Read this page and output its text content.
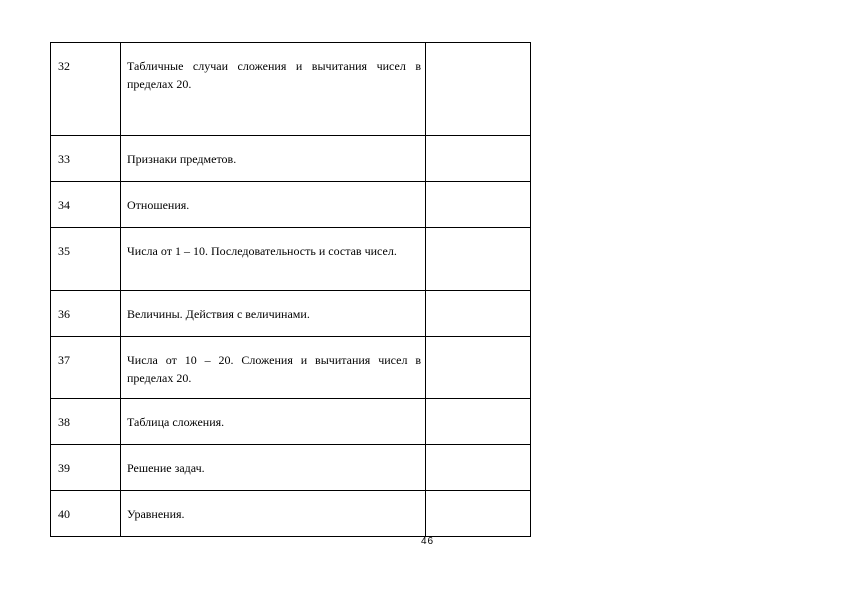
32	Табличные случаи сложения и вычитания чисел в пределах 20.	
33	Признаки предметов.	
34	Отношения.	
35	Числа от 1 – 10. Последовательность и состав чисел.	
36	Величины. Действия с величинами.	
37	Числа от 10 – 20. Сложения и вычитания чисел в пределах 20.	
38	Таблица сложения.	
39	Решение задач.	
40	Уравнения.	
46
